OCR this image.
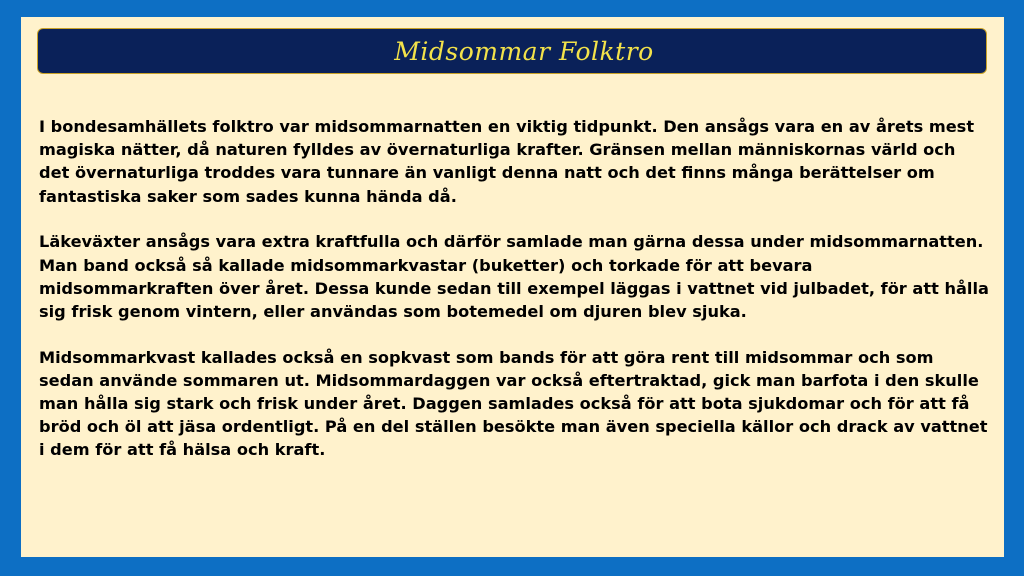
Midsommar Folktro

I bondesamhällets folktro var midsommarnatten en viktig tidpunkt. Den ansågs vara en av årets mest magiska nätter, då naturen fylldes av övernaturliga krafter. Gränsen mellan människornas värld och det övernaturliga troddes vara tunnare än vanligt denna natt och det finns många berättelser om fantastiska saker som sades kunna hända då.

Läkeväxter ansågs vara extra kraftfulla och därför samlade man gärna dessa under midsommarnatten. Man band också så kallade midsommarkvastar (buketter) och torkade för att bevara midsommarkraften över året. Dessa kunde sedan till exempel läggas i vattnet vid julbadet, för att hålla sig frisk genom vintern, eller användas som botemedel om djuren blev sjuka.

Midsommarkvast kallades också en sopkvast som bands för att göra rent till midsommar och som sedan använde sommaren ut. Midsommardaggen var också eftertraktad, gick man barfota i den skulle man hålla sig stark och frisk under året. Daggen samlades också för att bota sjukdomar och för att få bröd och öl att jäsa ordentligt. På en del ställen besökte man även speciella källor och drack av vattnet i dem för att få hälsa och kraft.
